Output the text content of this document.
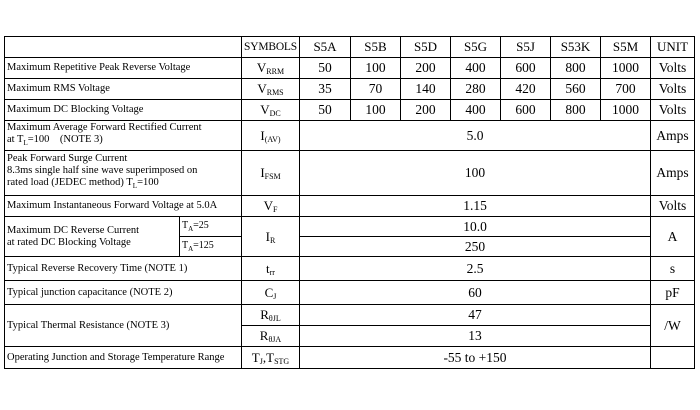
		SYMBOLS	S5A	S5B	S5D	S5G	S5J	S53K	S5M	UNIT
Maximum Repetitive Peak Reverse Voltage		$V_{RRM}$	50	100	200	400	600	800	1000	Volts
Maximum RMS Voltage		$V_{RMS}$	35	70	140	280	420	560	700	Volts
Maximum DC Blocking Voltage		$V_{DC}$	50	100	200	400	600	800	1000	Volts

Maximum Average Forward Rectified Current
at $T_L=100$    (NOTE 3)		$I_{(AV)}$	5.0							Amps

Peak Forward Surge Current
8.3ms single half sine wave superimposed on
rated load (JEDEC method) $T_L=100$		$I_{FSM}$	100							Amps
Maximum Instantaneous Forward Voltage at 5.0A		$V_F$	1.15							Volts

Maximum DC Reverse Current
at rated DC Blocking Voltage	$T_A=25$	$I_R$	10.0							A
	$T_A=125$		250							
Typical Reverse Recovery Time (NOTE 1)		$t_{rr}$	2.5							s
Typical junction capacitance (NOTE 2)		$C_J$	60							pF
Typical Thermal Resistance (NOTE 3)		$R_{\theta JL}$	47							/W
		$R_{\theta JA}$	13							
Operating Junction and Storage Temperature Range		$T_J,T_{STG}$	-55 to +150							
